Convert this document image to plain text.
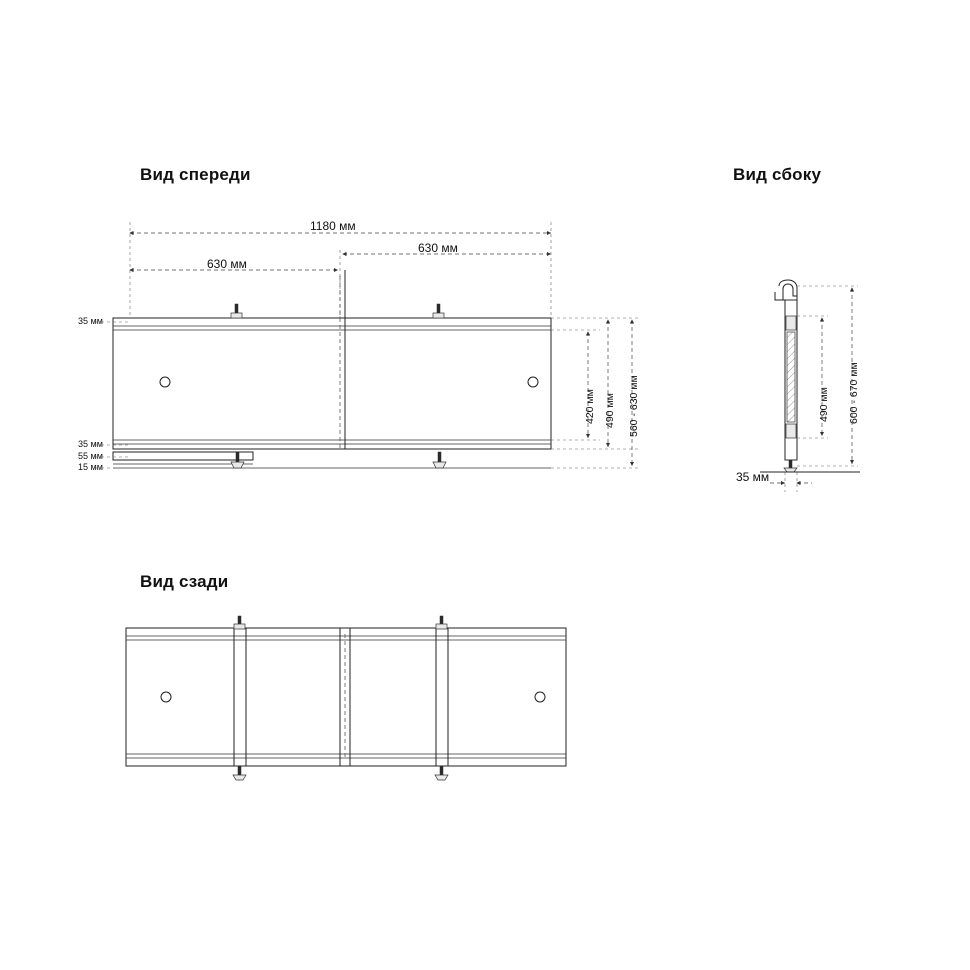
Вид спереди	Вид сбоку
Вид сзади
1180 мм
630 мм
630 мм
35 мм
35 мм
55 мм
15 мм
420 мм 490 мм 560 - 630 мм
35 мм
490 мм 600 - 670 мм
